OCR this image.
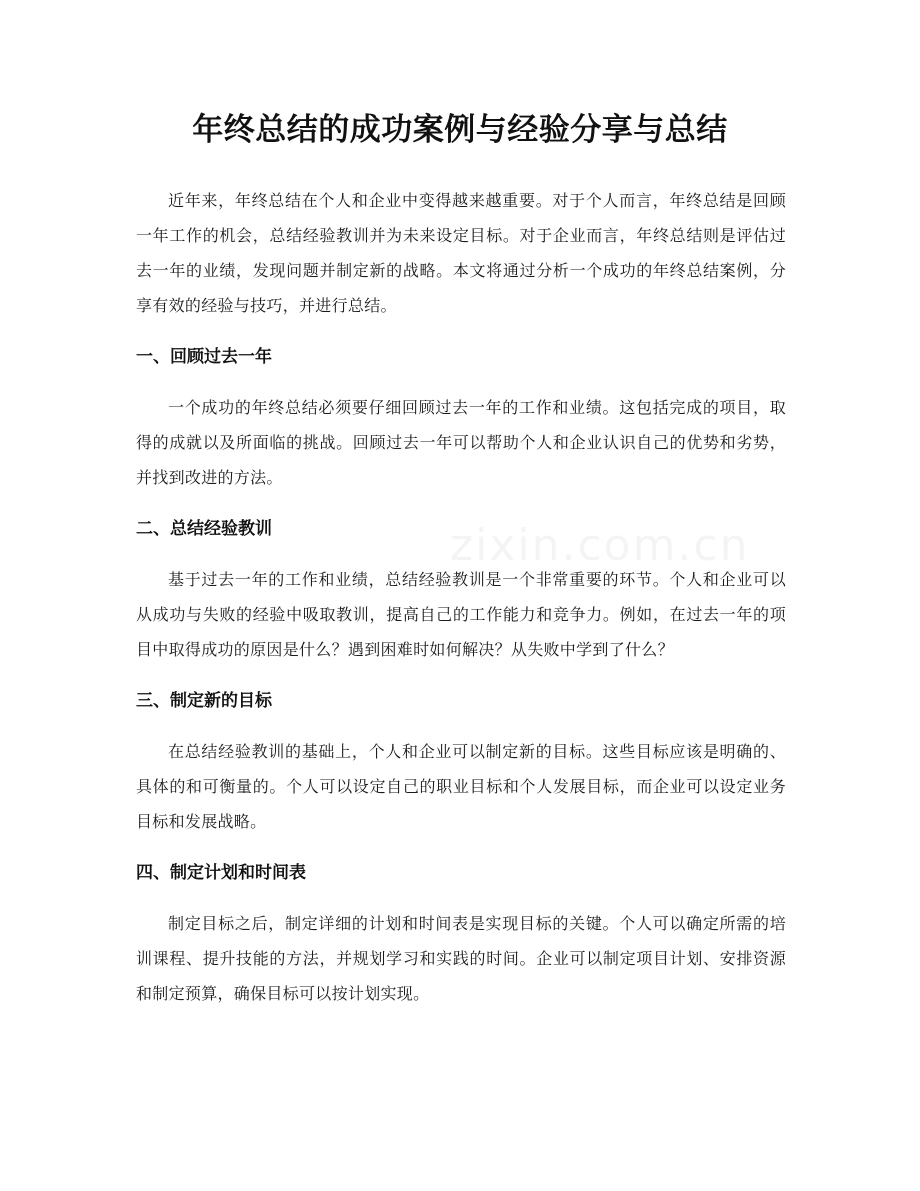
年终总结的成功案例与经验分享与总结

近年来，年终总结在个人和企业中变得越来越重要。对于个人而言，年终总结是回顾一年工作的机会，总结经验教训并为未来设定目标。对于企业而言，年终总结则是评估过去一年的业绩，发现问题并制定新的战略。本文将通过分析一个成功的年终总结案例，分享有效的经验与技巧，并进行总结。

一、回顾过去一年

一个成功的年终总结必须要仔细回顾过去一年的工作和业绩。这包括完成的项目，取得的成就以及所面临的挑战。回顾过去一年可以帮助个人和企业认识自己的优势和劣势，并找到改进的方法。

二、总结经验教训

基于过去一年的工作和业绩，总结经验教训是一个非常重要的环节。个人和企业可以从成功与失败的经验中吸取教训，提高自己的工作能力和竞争力。例如，在过去一年的项目中取得成功的原因是什么？遇到困难时如何解决？从失败中学到了什么？

三、制定新的目标

在总结经验教训的基础上，个人和企业可以制定新的目标。这些目标应该是明确的、具体的和可衡量的。个人可以设定自己的职业目标和个人发展目标，而企业可以设定业务目标和发展战略。

四、制定计划和时间表

制定目标之后，制定详细的计划和时间表是实现目标的关键。个人可以确定所需的培训课程、提升技能的方法，并规划学习和实践的时间。企业可以制定项目计划、安排资源和制定预算，确保目标可以按计划实现。
